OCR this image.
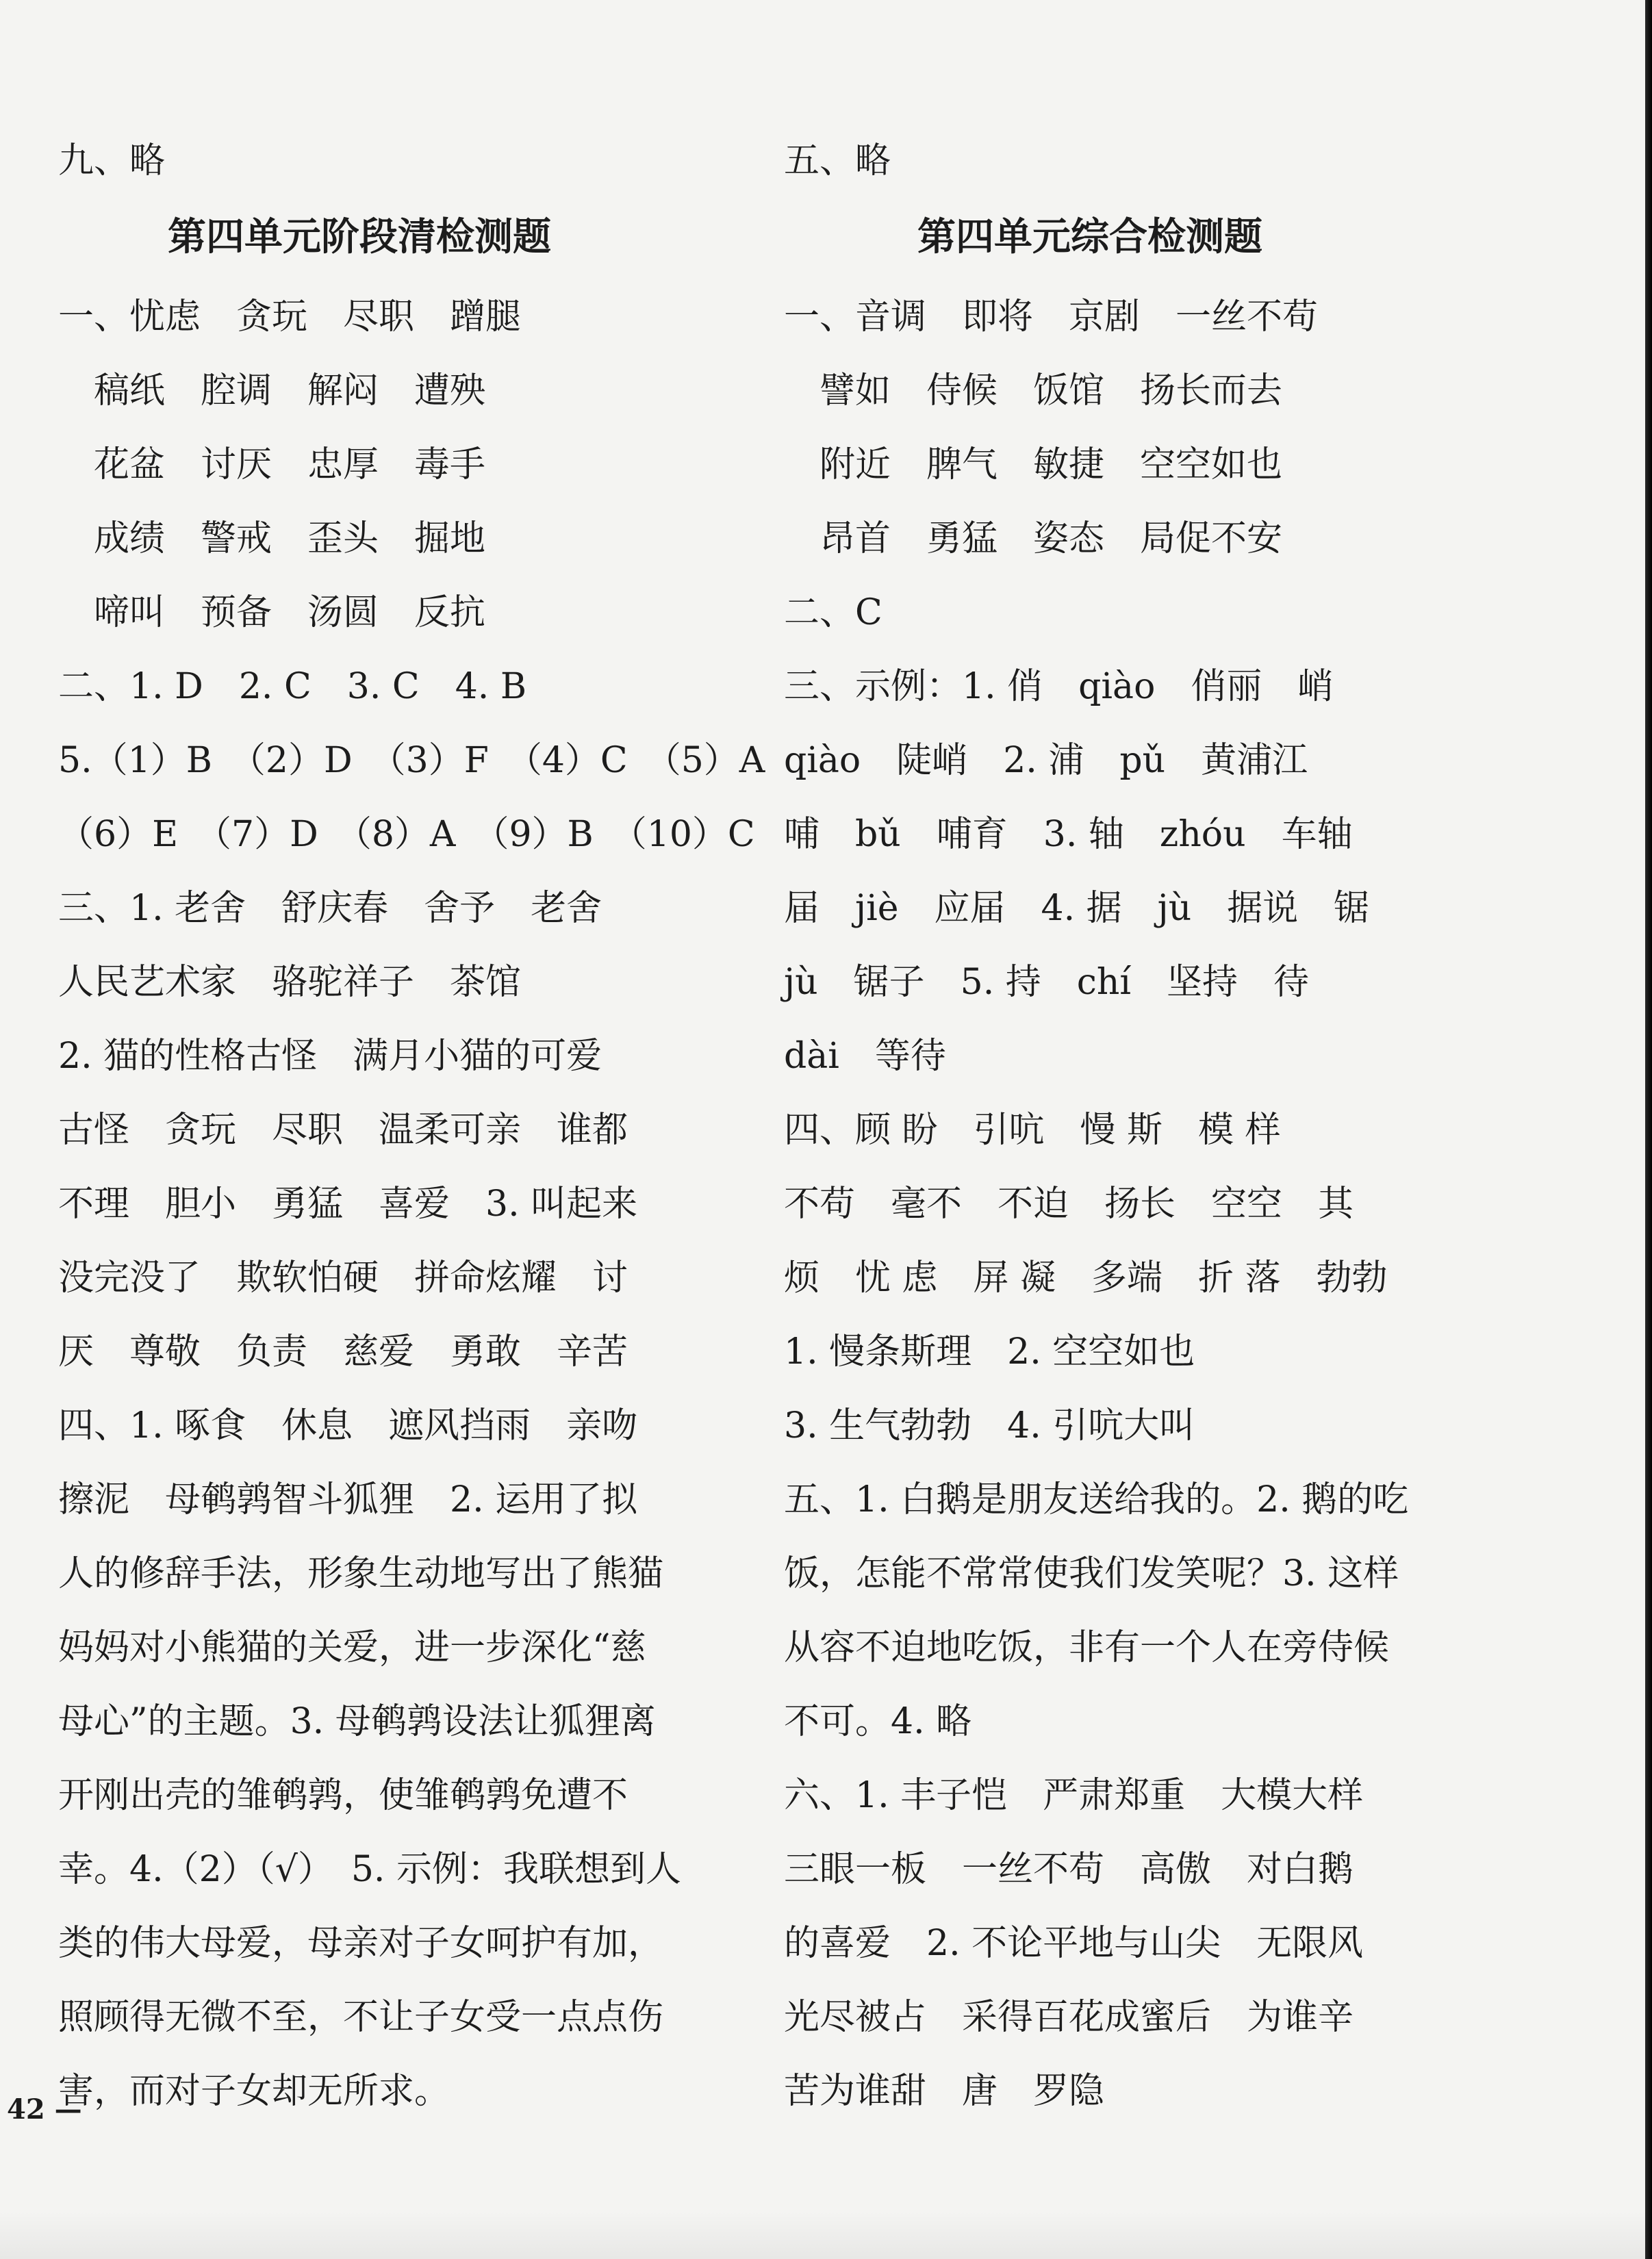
九、略
第四单元阶段清检测题
一、忧虑　贪玩　尽职　蹭腿
　稿纸　腔调　解闷　遭殃
　花盆　讨厌　忠厚　毒手
　成绩　警戒　歪头　掘地
　啼叫　预备　汤圆　反抗
二、1. D　2. C　3. C　4. B
5.（1）B　（2）D　（3）F　（4）C　（5）A
（6）E　（7）D　（8）A　（9）B　（10）C
三、1. 老舍　舒庆春　舍予　老舍
人民艺术家　骆驼祥子　茶馆
2. 猫的性格古怪　满月小猫的可爱
古怪　贪玩　尽职　温柔可亲　谁都
不理　胆小　勇猛　喜爱　3. 叫起来
没完没了　欺软怕硬　拼命炫耀　讨
厌　尊敬　负责　慈爱　勇敢　辛苦
四、1. 啄食　休息　遮风挡雨　亲吻
擦泥　母鹌鹑智斗狐狸　2. 运用了拟
人的修辞手法，形象生动地写出了熊猫
妈妈对小熊猫的关爱，进一步深化“慈
母心”的主题。3. 母鹌鹑设法让狐狸离
开刚出壳的雏鹌鹑，使雏鹌鹑免遭不
幸。4.（2）（√）　5. 示例：我联想到人
类的伟大母爱，母亲对子女呵护有加，
照顾得无微不至，不让子女受一点点伤
害，而对子女却无所求。
五、略
第四单元综合检测题
一、音调　即将　京剧　一丝不苟
　譬如　侍候　饭馆　扬长而去
　附近　脾气　敏捷　空空如也
　昂首　勇猛　姿态　局促不安
二、C
三、示例：1. 俏　qiào　俏丽　峭
qiào　陡峭　2. 浦　pǔ　黄浦江
哺　bǔ　哺育　3. 轴　zhóu　车轴
届　jiè　应届　4. 据　jù　据说　锯
jù　锯子　5. 持　chí　坚持　待
dài　等待
四、顾 盼　引吭　慢 斯　模 样
不苟　毫不　不迫　扬长　空空　其
烦　忧 虑　屏 凝　多端　折 落　勃勃
1. 慢条斯理　2. 空空如也
3. 生气勃勃　4. 引吭大叫
五、1. 白鹅是朋友送给我的。2. 鹅的吃
饭，怎能不常常使我们发笑呢？3. 这样
从容不迫地吃饭，非有一个人在旁侍候
不可。4. 略
六、1. 丰子恺　严肃郑重　大模大样
三眼一板　一丝不苟　高傲　对白鹅
的喜爱　2. 不论平地与山尖　无限风
光尽被占　采得百花成蜜后　为谁辛
苦为谁甜　唐　罗隐
42 —
